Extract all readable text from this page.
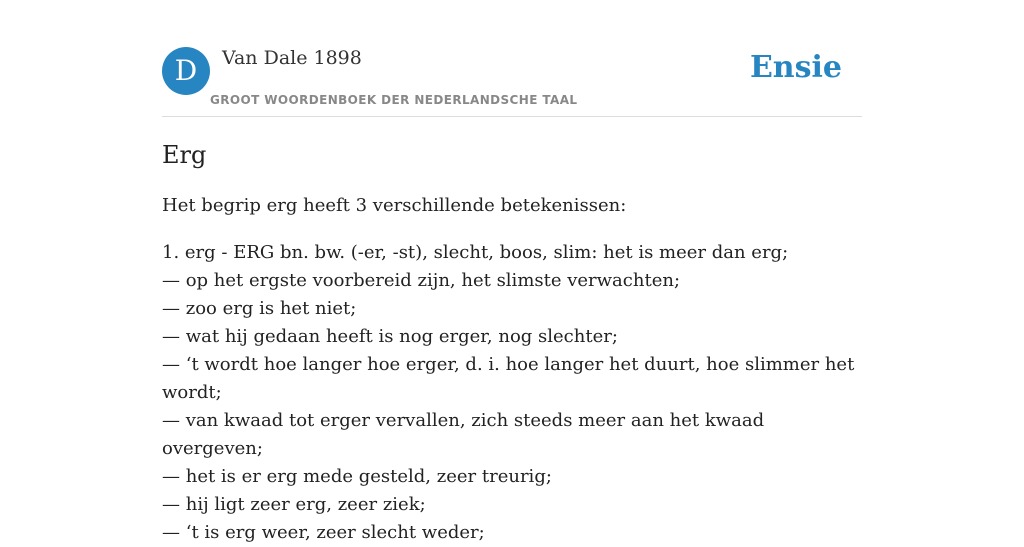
D	Van Dale 1898
GROOT WOORDENBOEK DER NEDERLANDSCHE TAAL
Ensie
Erg
Het begrip erg heeft 3 verschillende betekenissen:
1. erg - ERG bn. bw. (-er, -st), slecht, boos, slim: het is meer dan erg;
— op het ergste voorbereid zijn, het slimste verwachten;
— zoo erg is het niet;
— wat hij gedaan heeft is nog erger, nog slechter;
— ‘t wordt hoe langer hoe erger, d. i. hoe langer het duurt, hoe slimmer het
wordt;
— van kwaad tot erger vervallen, zich steeds meer aan het kwaad overgeven;
— het is er erg mede gesteld, zeer treurig;
— hij ligt zeer erg, zeer ziek;
— ‘t is erg weer, zeer slecht weder;
